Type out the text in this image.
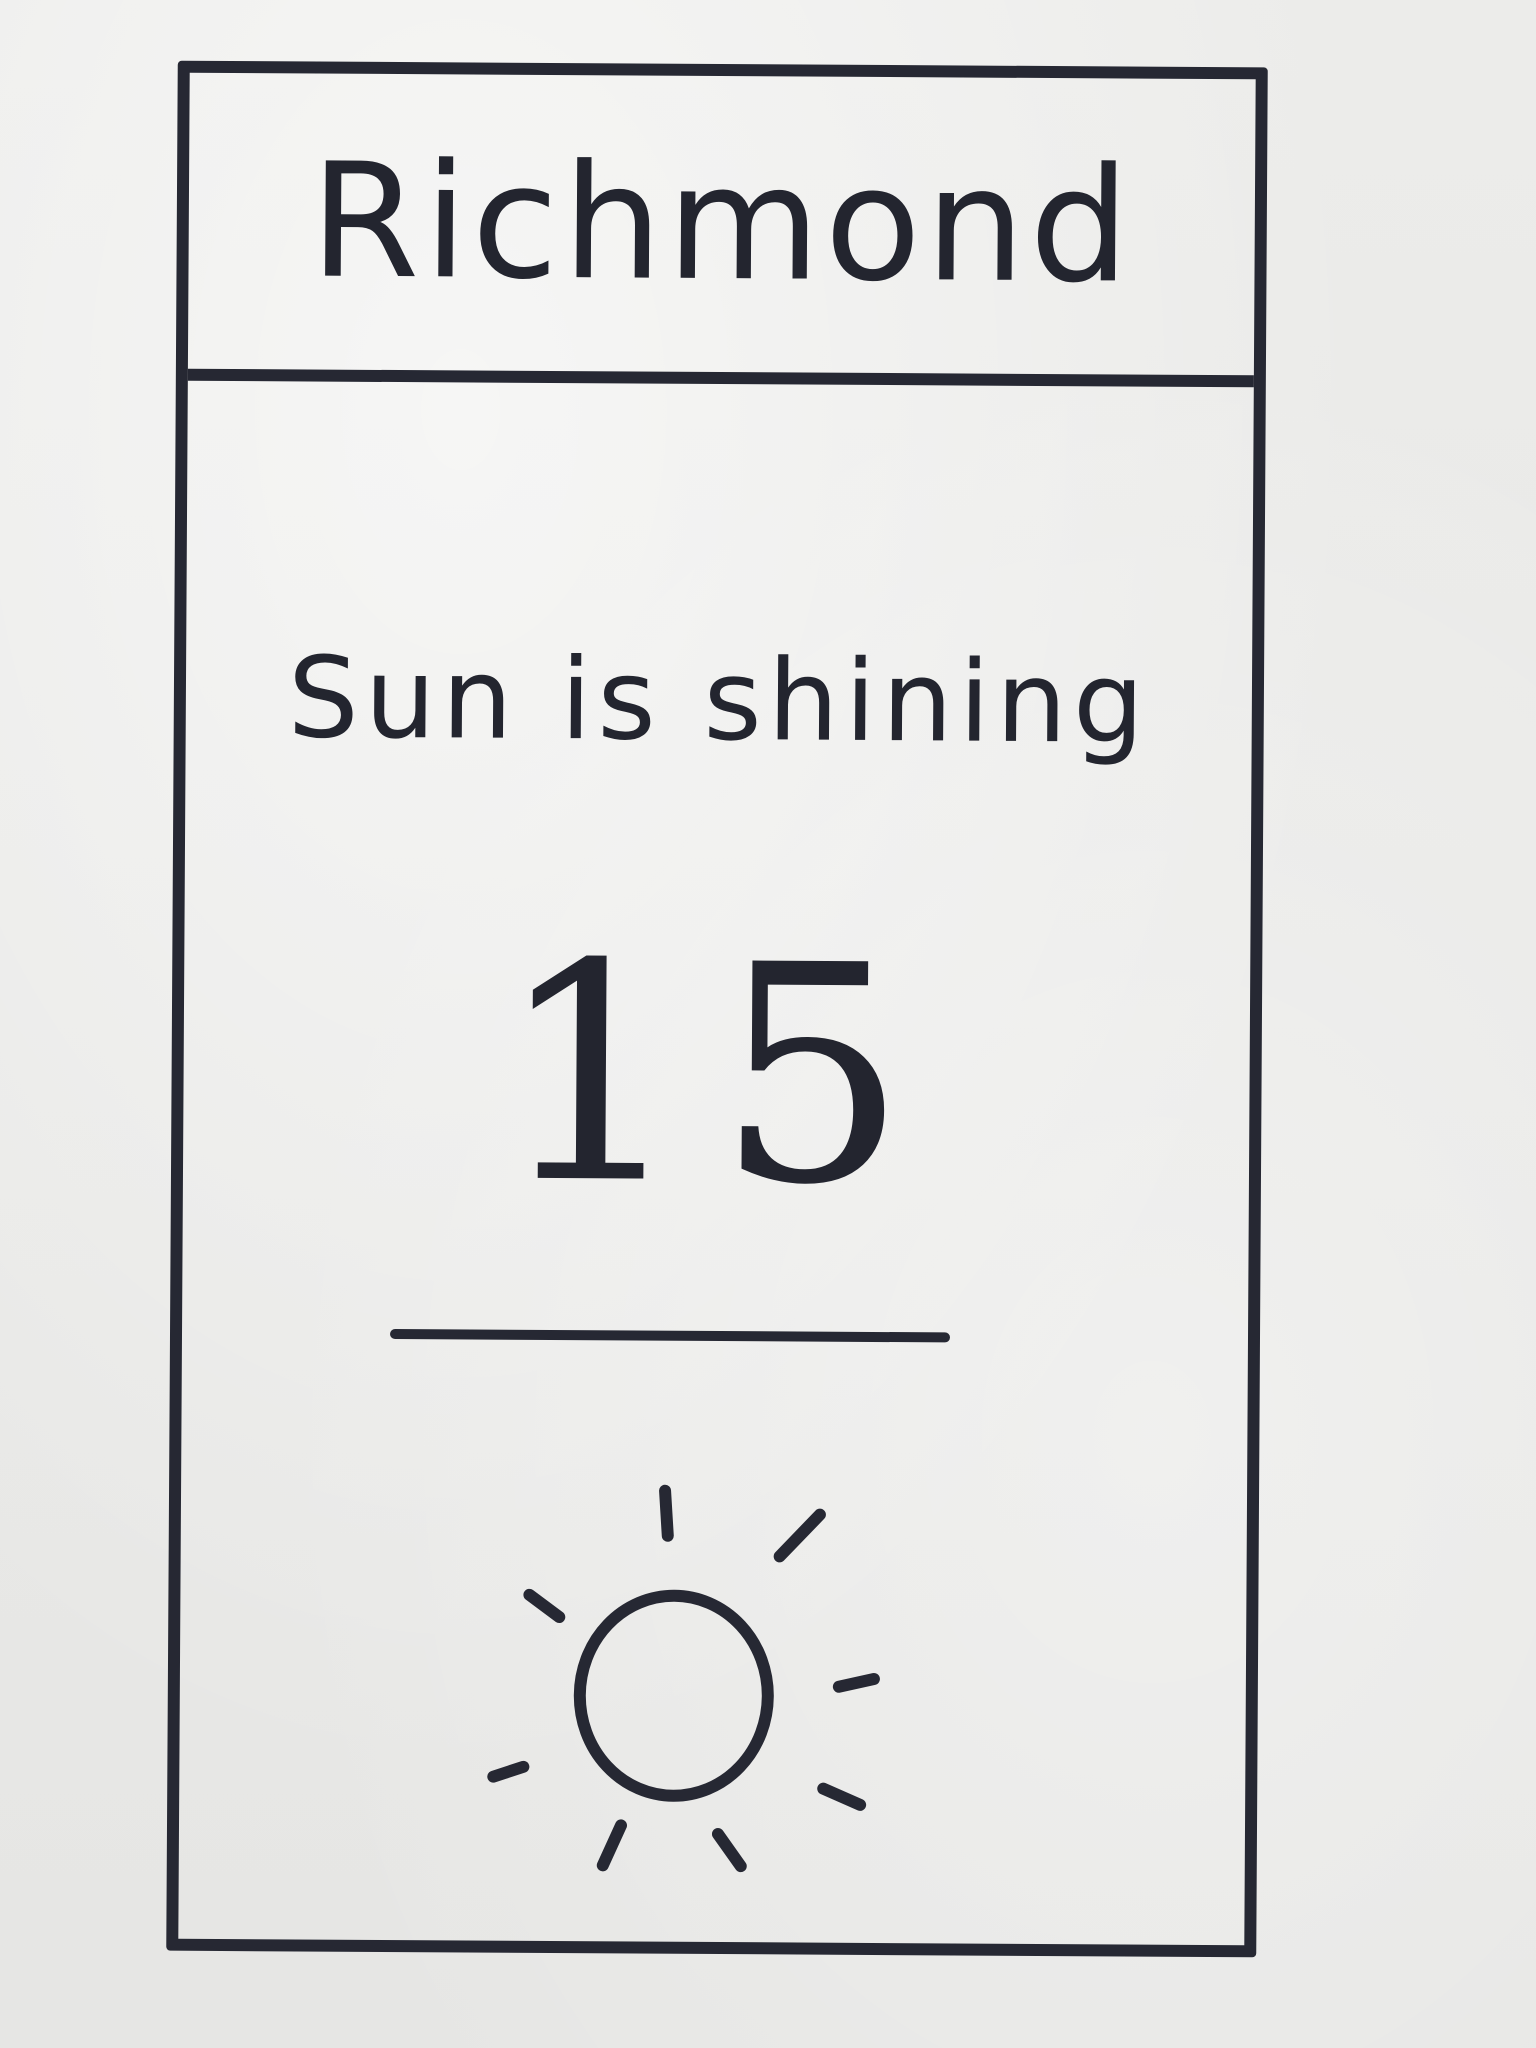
Richmond
Sun is shining
15
